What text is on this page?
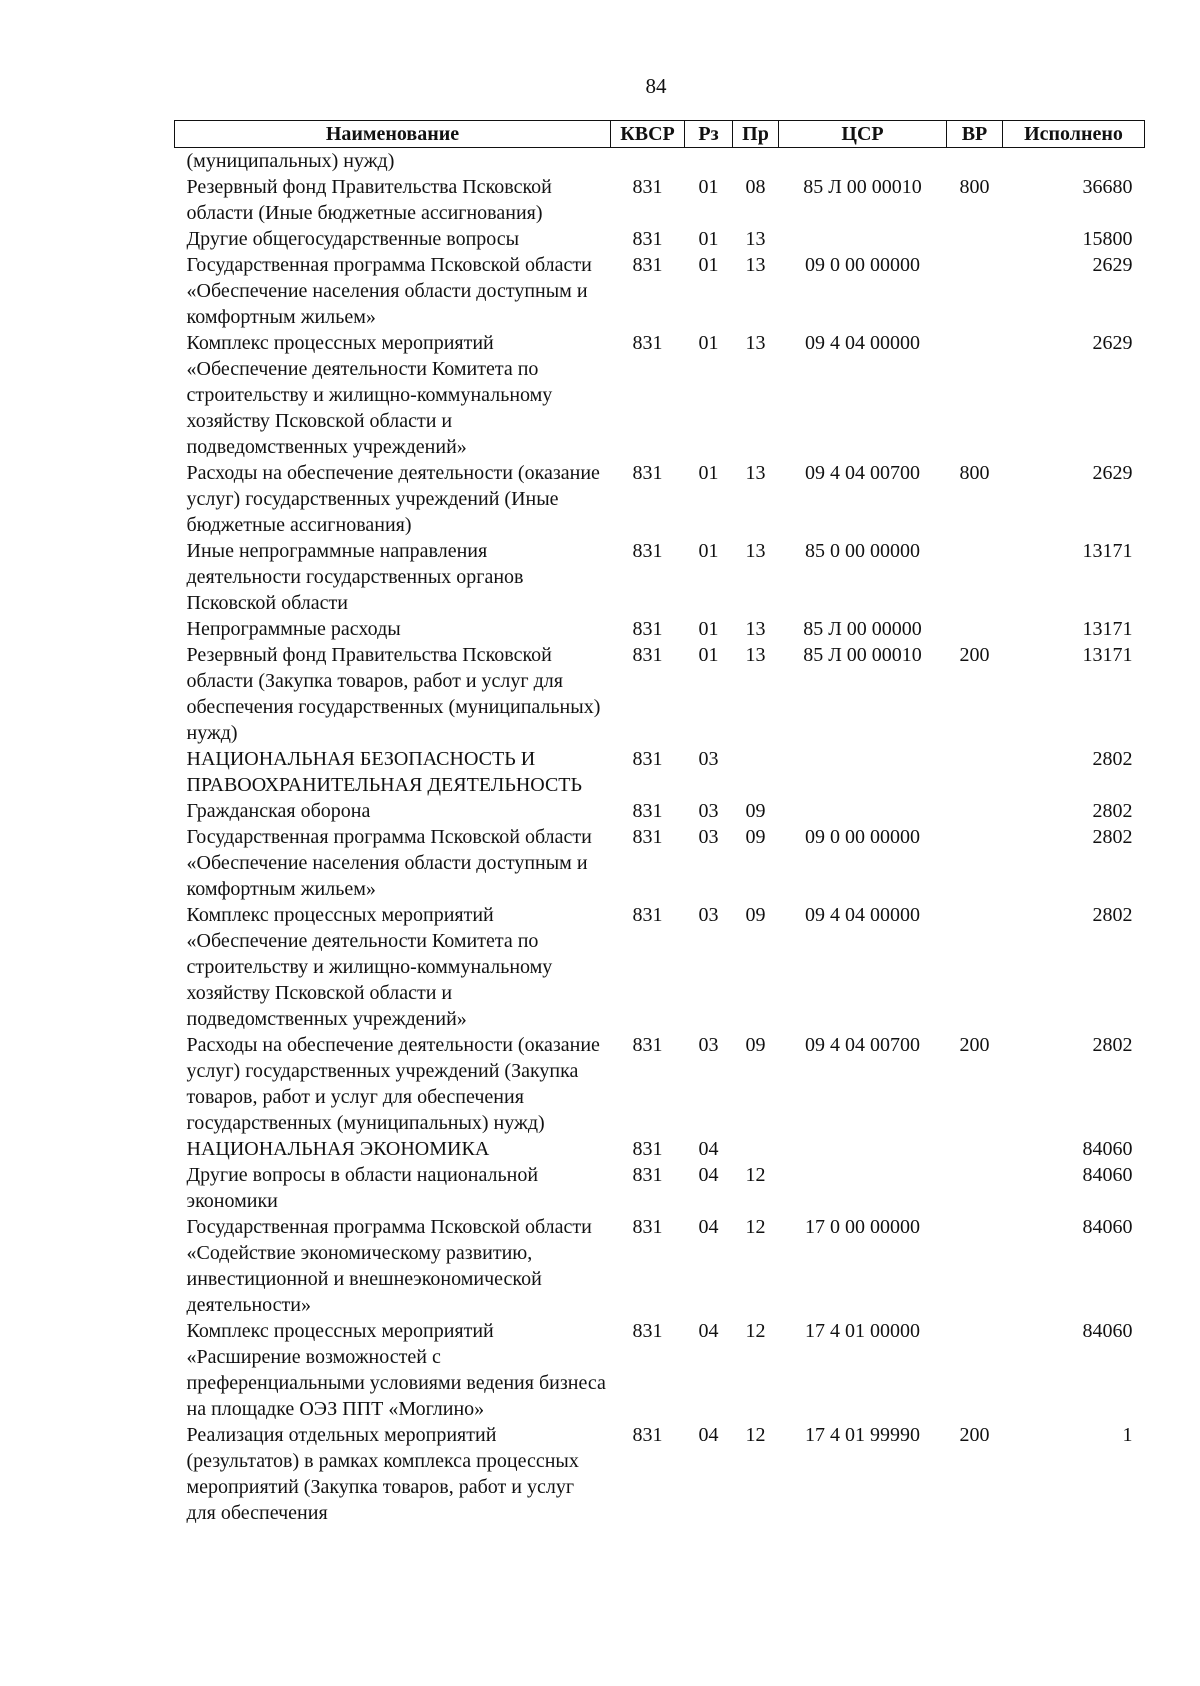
84
Наименование	КВСР	Рз	Пр	ЦСР	ВР	Исполнено
(муниципальных) нужд)						
Резервный фонд Правительства Псковской области (Иные бюджетные ассигнования)	831	01	08	85 Л 00 00010	800	36680
Другие общегосударственные вопросы	831	01	13			15800
Государственная программа Псковской области «Обеспечение населения области доступным и комфортным жильем»	831	01	13	09 0 00 00000		2629
Комплекс процессных мероприятий «Обеспечение деятельности Комитета по строительству и жилищно-коммунальному хозяйству Псковской области и подведомственных учреждений»	831	01	13	09 4 04 00000		2629
Расходы на обеспечение деятельности (оказание услуг) государственных учреждений (Иные бюджетные ассигнования)	831	01	13	09 4 04 00700	800	2629
Иные непрограммные направления деятельности государственных органов Псковской области	831	01	13	85 0 00 00000		13171
Непрограммные расходы	831	01	13	85 Л 00 00000		13171
Резервный фонд Правительства Псковской области (Закупка товаров, работ и услуг для обеспечения государственных (муниципальных) нужд)	831	01	13	85 Л 00 00010	200	13171
НАЦИОНАЛЬНАЯ БЕЗОПАСНОСТЬ И ПРАВООХРАНИТЕЛЬНАЯ ДЕЯТЕЛЬНОСТЬ	831	03				2802
Гражданская оборона	831	03	09			2802
Государственная программа Псковской области «Обеспечение населения области доступным и комфортным жильем»	831	03	09	09 0 00 00000		2802
Комплекс процессных мероприятий «Обеспечение деятельности Комитета по строительству и жилищно-коммунальному хозяйству Псковской области и подведомственных учреждений»	831	03	09	09 4 04 00000		2802
Расходы на обеспечение деятельности (оказание услуг) государственных учреждений (Закупка товаров, работ и услуг для обеспечения государственных (муниципальных) нужд)	831	03	09	09 4 04 00700	200	2802
НАЦИОНАЛЬНАЯ ЭКОНОМИКА	831	04				84060
Другие вопросы в области национальной экономики	831	04	12			84060
Государственная программа Псковской области «Содействие экономическому развитию, инвестиционной и внешнеэкономической деятельности»	831	04	12	17 0 00 00000		84060
Комплекс процессных мероприятий «Расширение возможностей с преференциальными условиями ведения бизнеса на площадке ОЭЗ ППТ «Моглино»	831	04	12	17 4 01 00000		84060
Реализация отдельных мероприятий (результатов) в рамках комплекса процессных мероприятий (Закупка товаров, работ и услуг для обеспечения	831	04	12	17 4 01 99990	200	1
